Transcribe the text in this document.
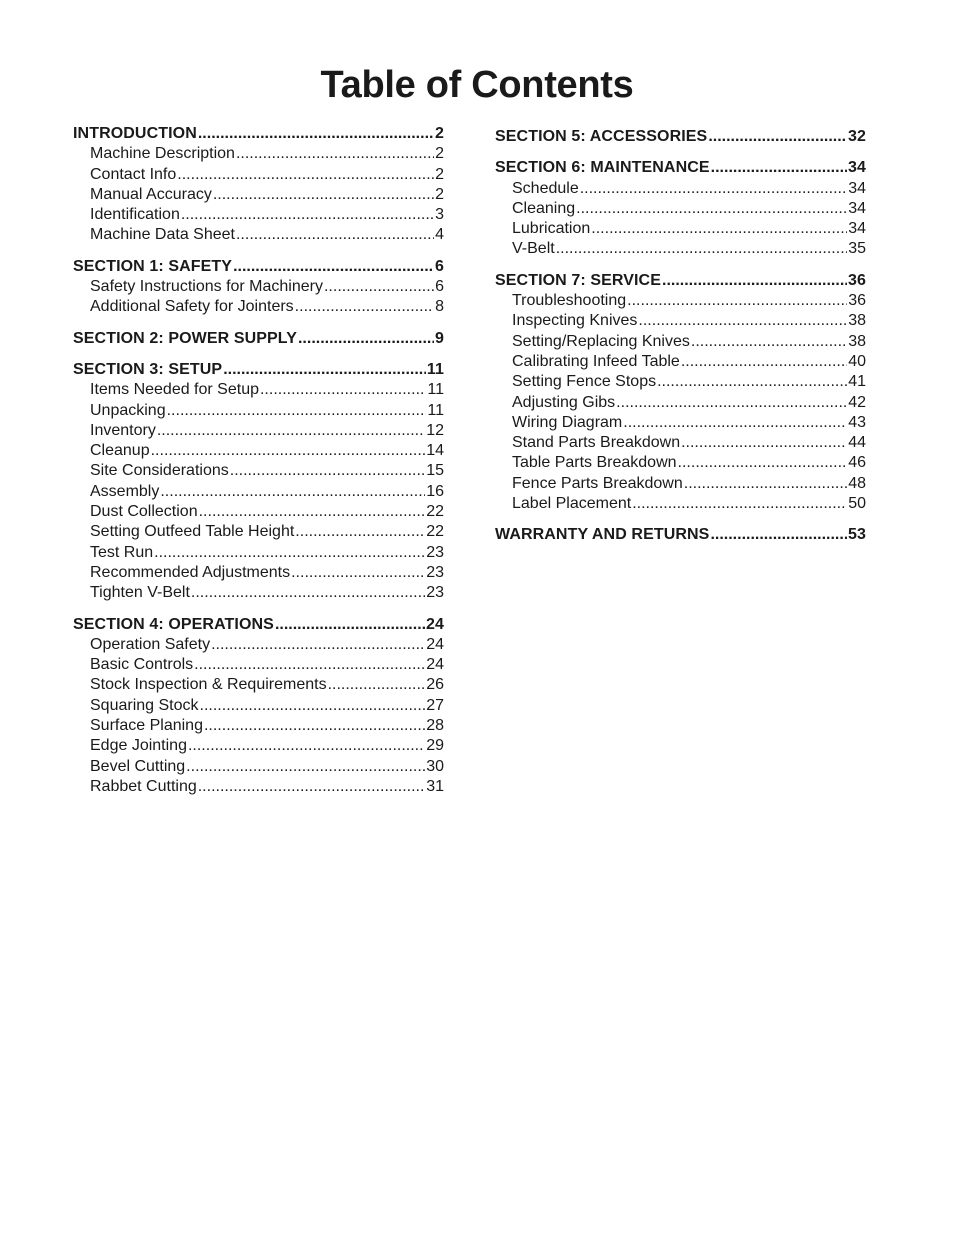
Table of Contents
INTRODUCTION .....	2
Machine Description .....	2
Contact Info .....	2
Manual Accuracy .....	2
Identification .....	3
Machine Data Sheet .....	4
SECTION 1: SAFETY .....	6
Safety Instructions for Machinery .....	6
Additional Safety for Jointers .....	8
SECTION 2: POWER SUPPLY .....	9
SECTION 3: SETUP .....	11
Items Needed for Setup .....	11
Unpacking .....	11
Inventory .....	12
Cleanup .....	14
Site Considerations .....	15
Assembly .....	16
Dust Collection .....	22
Setting Outfeed Table Height .....	22
Test Run .....	23
Recommended Adjustments .....	23
Tighten V-Belt .....	23
SECTION 4: OPERATIONS .....	24
Operation Safety .....	24
Basic Controls .....	24
Stock Inspection & Requirements .....	26
Squaring Stock .....	27
Surface Planing .....	28
Edge Jointing .....	29
Bevel Cutting .....	30
Rabbet Cutting .....	31
SECTION 5: ACCESSORIES .....	32
SECTION 6: MAINTENANCE .....	34
Schedule .....	34
Cleaning .....	34
Lubrication .....	34
V-Belt .....	35
SECTION 7: SERVICE .....	36
Troubleshooting .....	36
Inspecting Knives .....	38
Setting/Replacing Knives .....	38
Calibrating Infeed Table .....	40
Setting Fence Stops .....	41
Adjusting Gibs .....	42
Wiring Diagram .....	43
Stand Parts Breakdown .....	44
Table Parts Breakdown .....	46
Fence Parts Breakdown .....	48
Label Placement .....	50
WARRANTY AND RETURNS .....	53
